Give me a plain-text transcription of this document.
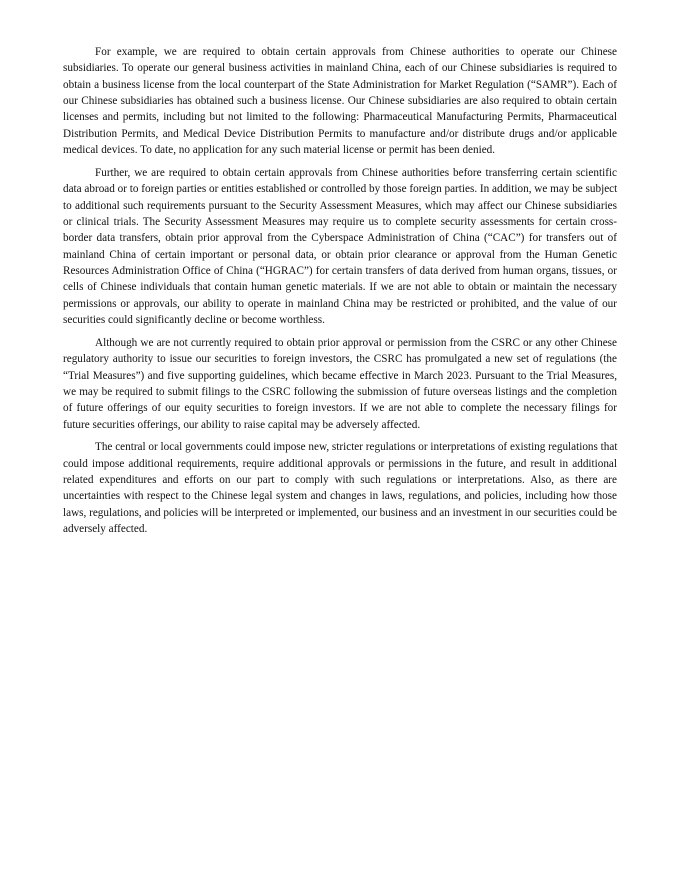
For example, we are required to obtain certain approvals from Chinese authorities to operate our Chinese
subsidiaries. To operate our general business activities in mainland China, each of our Chinese subsidiaries is required to
obtain a business license from the local counterpart of the State Administration for Market Regulation (“SAMR”). Each of
our Chinese subsidiaries has obtained such a business license. Our Chinese subsidiaries are also required to obtain certain
licenses and permits, including but not limited to the following: Pharmaceutical Manufacturing Permits, Pharmaceutical
Distribution Permits, and Medical Device Distribution Permits to manufacture and/or distribute drugs and/or applicable
medical devices. To date, no application for any such material license or permit has been denied.
Further, we are required to obtain certain approvals from Chinese authorities before transferring certain scientific
data abroad or to foreign parties or entities established or controlled by those foreign parties. In addition, we may be subject
to additional such requirements pursuant to the Security Assessment Measures, which may affect our Chinese subsidiaries
or clinical trials. The Security Assessment Measures may require us to complete security assessments for certain cross-
border data transfers, obtain prior approval from the Cyberspace Administration of China (“CAC”) for transfers out of
mainland China of certain important or personal data, or obtain prior clearance or approval from the Human Genetic
Resources Administration Office of China (“HGRAC”) for certain transfers of data derived from human organs, tissues, or
cells of Chinese individuals that contain human genetic materials. If we are not able to obtain or maintain the necessary
permissions or approvals, our ability to operate in mainland China may be restricted or prohibited, and the value of our
securities could significantly decline or become worthless.
Although we are not currently required to obtain prior approval or permission from the CSRC or any other Chinese
regulatory authority to issue our securities to foreign investors, the CSRC has promulgated a new set of regulations (the
“Trial Measures”) and five supporting guidelines, which became effective in March 2023. Pursuant to the Trial Measures,
we may be required to submit filings to the CSRC following the submission of future overseas listings and the completion
of future offerings of our equity securities to foreign investors. If we are not able to complete the necessary filings for
future securities offerings, our ability to raise capital may be adversely affected.
The central or local governments could impose new, stricter regulations or interpretations of existing regulations that
could impose additional requirements, require additional approvals or permissions in the future, and result in additional
related expenditures and efforts on our part to comply with such regulations or interpretations. Also, as there are
uncertainties with respect to the Chinese legal system and changes in laws, regulations, and policies, including how those
laws, regulations, and policies will be interpreted or implemented, our business and an investment in our securities could be
adversely affected.
